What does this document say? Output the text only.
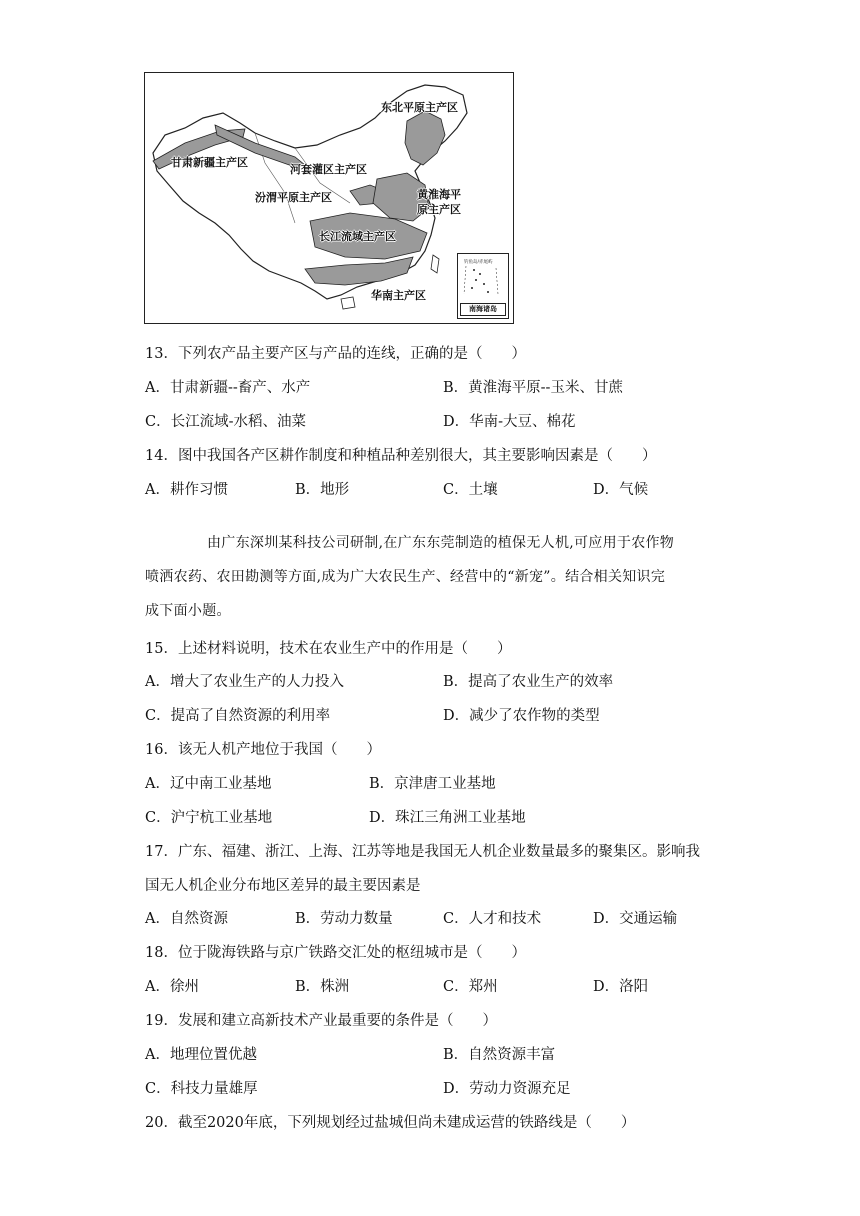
东北平原主产区
甘肃新疆主产区
河套灌区主产区
汾渭平原主产区	黄淮海平
原主产区
长江流域主产区
华南主产区
钓鱼岛/赤尾屿
南海诸岛
13．下列农产品主要产区与产品的连线，正确的是（　　）
A．甘肃新疆--畜产、水产	B．黄淮海平原--玉米、甘蔗
C．长江流域-水稻、油菜	D．华南-大豆、棉花
14．图中我国各产区耕作制度和种植品种差别很大，其主要影响因素是（　　）
A．耕作习惯	B．地形	C．土壤	D．气候
由广东深圳某科技公司研制,在广东东莞制造的植保无人机,可应用于农作物
喷洒农药、农田勘测等方面,成为广大农民生产、经营中的“新宠”。结合相关知识完
成下面小题。
15．上述材料说明，技术在农业生产中的作用是（　　）
A．增大了农业生产的人力投入	B．提高了农业生产的效率
C．提高了自然资源的利用率	D．减少了农作物的类型
16．该无人机产地位于我国（　　）
A．辽中南工业基地	B．京津唐工业基地
C．沪宁杭工业基地	D．珠江三角洲工业基地
17．广东、福建、浙江、上海、江苏等地是我国无人机企业数量最多的聚集区。影响我
国无人机企业分布地区差异的最主要因素是
A．自然资源	B．劳动力数量	C．人才和技术	D．交通运输
18．位于陇海铁路与京广铁路交汇处的枢纽城市是（　　）
A．徐州	B．株洲	C．郑州	D．洛阳
19．发展和建立高新技术产业最重要的条件是（　　）
A．地理位置优越	B．自然资源丰富
C．科技力量雄厚	D．劳动力资源充足
20．截至2020年底，下列规划经过盐城但尚未建成运营的铁路线是（　　）
